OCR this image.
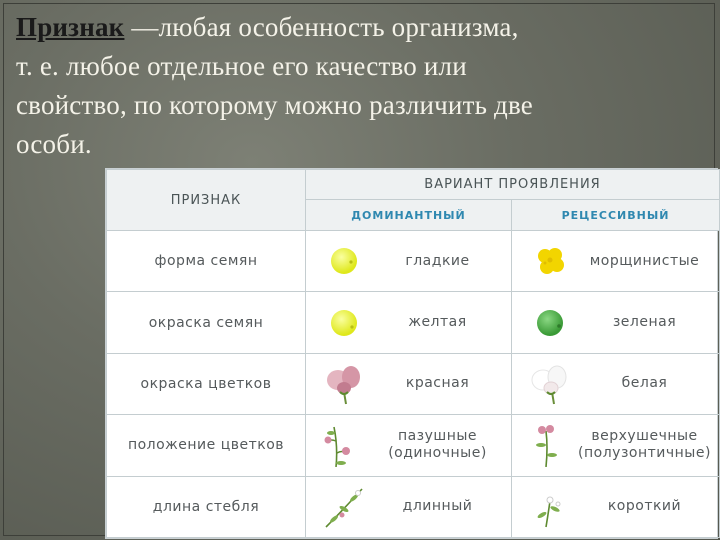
Признак —любая особенность организма, т. е. любое отдельное его качество или свойство, по которому можно различить две особи.
ПРИЗНАК	ВАРИАНТ ПРОЯВЛЕНИЯ	
	ДОМИНАНТНЫЙ	РЕЦЕССИВНЫЙ
форма семян	гладкие	морщинистые

окраска семян	желтая	зеленая

окраска цветков	красная	белая

положение цветков	пазушные (одиночные)	верхушечные (полузонтичные)

длина стебля	длинный	короткий
